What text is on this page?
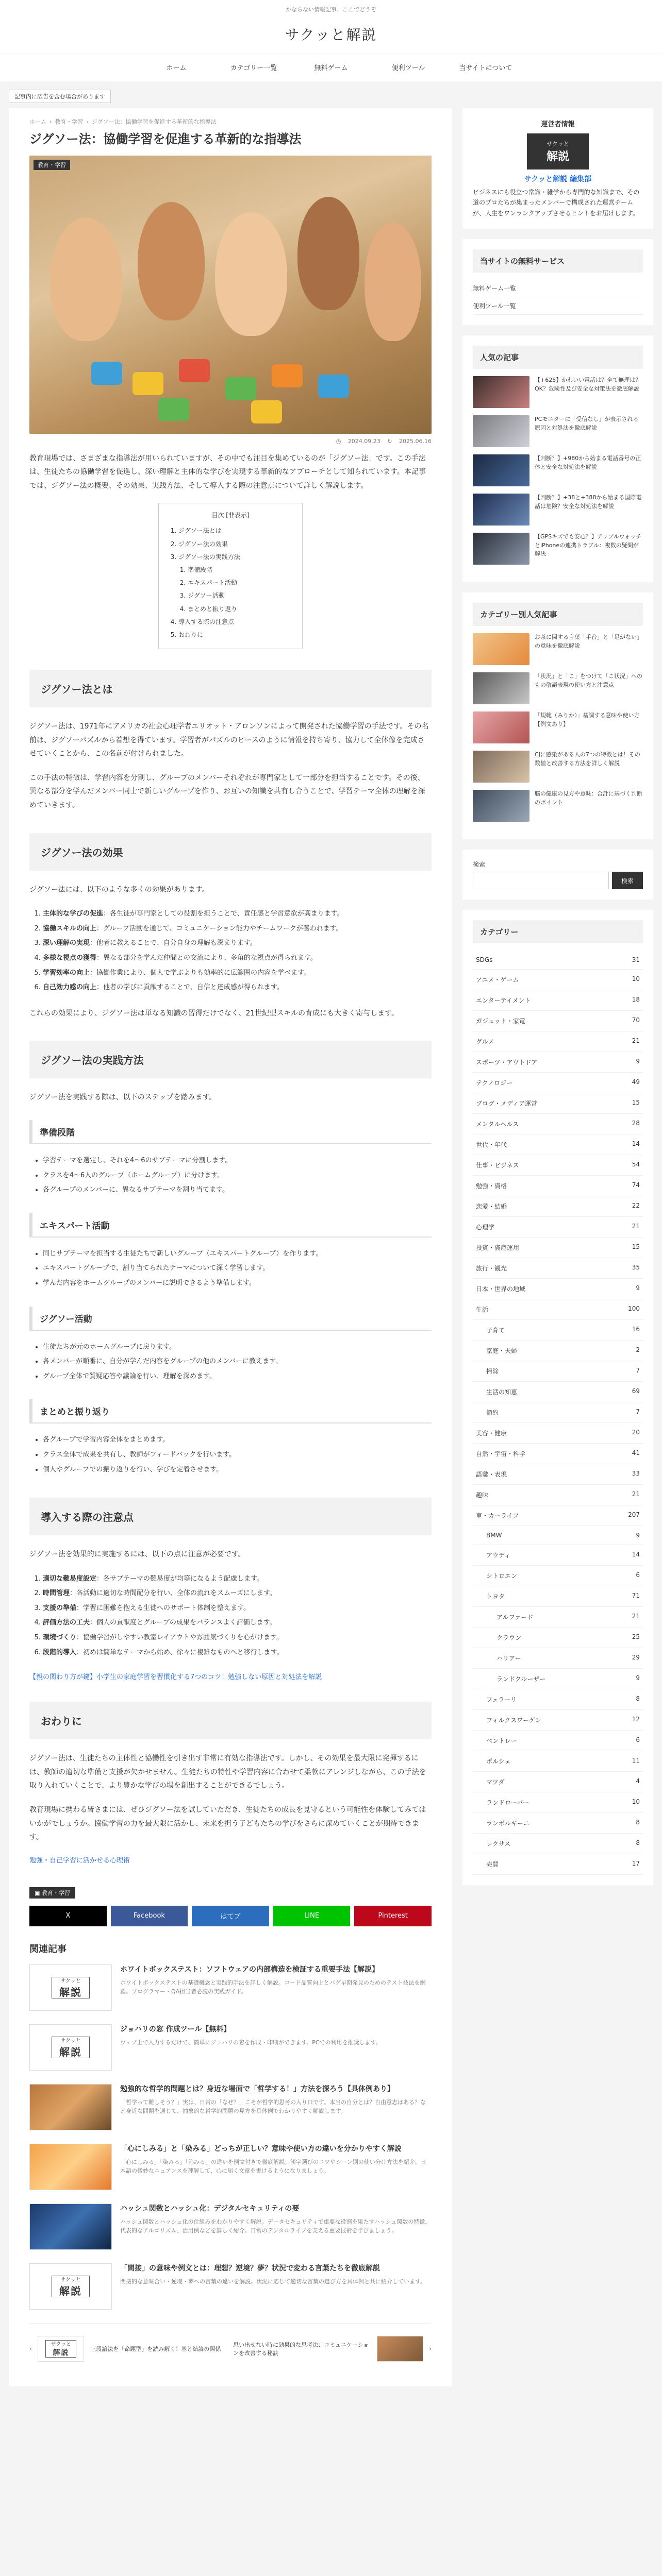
かならない情報記事、ここでどうぞ
サクッと解説
ホーム	カテゴリー一覧	無料ゲーム	便利ツール	当サイトについて
記事内に広告を含む場合があります
ホーム › 教育・学習 › ジグソー法：協働学習を促進する革新的な指導法
ジグソー法：協働学習を促進する革新的な指導法
教育・学習
◷ 2024.09.23 ↻ 2025.06.16

教育現場では、さまざまな指導法が用いられていますが、その中でも注目を集めているのが「ジグソー法」です。この手法は、生徒たちの協働学習を促進し、深い理解と主体的な学びを実現する革新的なアプローチとして知られています。本記事では、ジグソー法の概要、その効果、実践方法、そして導入する際の注意点について詳しく解説します。

目次 [非表示]
1. ジグソー法とは
2. ジグソー法の効果
3. ジグソー法の実践方法
1. 準備段階
2. エキスパート活動
3. ジグソー活動
4. まとめと振り返り
4. 導入する際の注意点
5. おわりに
ジグソー法とは

ジグソー法は、1971年にアメリカの社会心理学者エリオット・アロンソンによって開発された協働学習の手法です。その名前は、ジグソーパズルから着想を得ています。学習者がパズルのピースのように情報を持ち寄り、協力して全体像を完成させていくことから、この名前が付けられました。

この手法の特徴は、学習内容を分割し、グループのメンバーそれぞれが専門家として一部分を担当することです。その後、異なる部分を学んだメンバー同士で新しいグループを作り、お互いの知識を共有し合うことで、学習テーマ全体の理解を深めていきます。

ジグソー法の効果

ジグソー法には、以下のような多くの効果があります。

1. 主体的な学びの促進：各生徒が専門家としての役割を担うことで、責任感と学習意欲が高まります。
2. 協働スキルの向上：グループ活動を通じて、コミュニケーション能力やチームワークが養われます。
3. 深い理解の実現：他者に教えることで、自分自身の理解も深まります。
4. 多様な視点の獲得：異なる部分を学んだ仲間との交流により、多角的な視点が得られます。
5. 学習効率の向上：協働作業により、個人で学ぶよりも効率的に広範囲の内容を学べます。
6. 自己効力感の向上：他者の学びに貢献することで、自信と達成感が得られます。

これらの効果により、ジグソー法は単なる知識の習得だけでなく、21世紀型スキルの育成にも大きく寄与します。

ジグソー法の実践方法

ジグソー法を実践する際は、以下のステップを踏みます。

準備段階
• 学習テーマを選定し、それを4〜6のサブテーマに分割します。
• クラスを4〜6人のグループ（ホームグループ）に分けます。
• 各グループのメンバーに、異なるサブテーマを割り当てます。
エキスパート活動
• 同じサブテーマを担当する生徒たちで新しいグループ（エキスパートグループ）を作ります。
• エキスパートグループで、割り当てられたテーマについて深く学習します。
• 学んだ内容をホームグループのメンバーに説明できるよう準備します。
ジグソー活動
• 生徒たちが元のホームグループに戻ります。
• 各メンバーが順番に、自分が学んだ内容をグループの他のメンバーに教えます。
• グループ全体で質疑応答や議論を行い、理解を深めます。
まとめと振り返り
• 各グループで学習内容全体をまとめます。
• クラス全体で成果を共有し、教師がフィードバックを行います。
• 個人やグループでの振り返りを行い、学びを定着させます。
導入する際の注意点

ジグソー法を効果的に実施するには、以下の点に注意が必要です。

1. 適切な難易度設定：各サブテーマの難易度が均等になるよう配慮します。
2. 時間管理：各活動に適切な時間配分を行い、全体の流れをスムーズにします。
3. 支援の準備：学習に困難を抱える生徒へのサポート体制を整えます。
4. 評価方法の工夫：個人の貢献度とグループの成果をバランスよく評価します。
5. 環境づくり：協働学習がしやすい教室レイアウトや雰囲気づくりを心がけます。
6. 段階的導入：初めは簡単なテーマから始め、徐々に複雑なものへと移行します。
【親の関わり方が鍵】小学生の家庭学習を習慣化する7つのコツ！勉強しない原因と対処法を解説
おわりに

ジグソー法は、生徒たちの主体性と協働性を引き出す非常に有効な指導法です。しかし、その効果を最大限に発揮するには、教師の適切な準備と支援が欠かせません。生徒たちの特性や学習内容に合わせて柔軟にアレンジしながら、この手法を取り入れていくことで、より豊かな学びの場を創出することができるでしょう。

教育現場に携わる皆さまには、ぜひジグソー法を試していただき、生徒たちの成長を見守るという可能性を体験してみてはいかがでしょうか。協働学習の力を最大限に活かし、未来を担う子どもたちの学びをさらに深めていくことが期待できます。

勉強・自己学習に活かせる心理術
▣ 教育・学習
X	Facebook	はてブ	LINE	Pinterest
関連記事
サクッと
解説
ホワイトボックステスト：ソフトウェアの内部構造を検証する重要手法【解説】

ホワイトボックステストの基礎概念と実践的手法を詳しく解説。コード品質向上とバグ早期発見のためのテスト技法を網羅。プログラマー・QA担当者必読の実践ガイド。

サクッと
解説
ジョハリの窓 作成ツール【無料】

ウェブ上で入力するだけで、簡単にジョハリの窓を作成・印刷ができます。PCでの利用を推奨します。

勉強的な哲学的問題とは？身近な場面で「哲学する！」方法を探ろう【具体例あり】

「哲学って難しそう？」実は、日常の「なぜ？」こそが哲学的思考の入り口です。本当の自分とは？自由意志はある？など身近な問題を通じて、抽象的な哲学的問題の見方を具体例でわかりやすく解説します。

「心にしみる」と「染みる」どっちが正しい？意味や使い方の違いを分かりやすく解説

「心にしみる」「染みる」「沁みる」の違いを例文付きで徹底解説。漢字選びのコツやシーン別の使い分け方法を紹介。日本語の微妙なニュアンスを理解して、心に届く文章を書けるようになりましょう。

ハッシュ関数とハッシュ化：デジタルセキュリティの要

ハッシュ関数とハッシュ化の仕組みをわかりやすく解説。データセキュリティで重要な役割を果たすハッシュ関数の特徴、代表的なアルゴリズム、活用例などを詳しく紹介。日常のデジタルライフを支える重要技術を学びましょう。

サクッと
解説
「間接」の意味や例文とは：理想？逆境？夢？状況で変わる言葉たちを徹底解説

間接的な意味合い・逆境・夢への言葉の違いを解説。状況に応じて適切な言葉の選び方を具体例と共に紹介しています。

‹
サクッと
解説	三段論法を「命題型」を読み解く！基と結論の関係
思い出せない時に効果的な思考法：コミュニケーションを改善する秘訣
›
運営者情報
サクッと
解説
サクッと解説 編集部
ビジネスにも役立つ常識・雑学から専門的な知識まで、その道のプロたちが集まったメンバーで構成された運営チームが、人生をワンランクアップさせるヒントをお届けします。
当サイトの無料サービス
無料ゲーム一覧
便利ツール一覧
人気の記事

【+625】かわいい電話は？全て無理は？OK？危険性及び安全な対策法を徹底解説

PCモニターに「受信なし」が表示される原因と対処法を徹底解説

【判断？】+980から始まる電話番号の正体と安全な対処法を解説

【判断？】+38と+388から始まる国際電話は危険？安全な対処法を解説

【GPSキズでも安心？】アップルウォッチとiPhoneの連携トラブル：複数の疑問が解決

カテゴリー別人気記事

お茶に関する言葉「手台」と「足がない」の意味を徹底解説

「状況」と「こ」をつけて「こ状況」へのもの敬語表現の使い方と注意点

「規範（みりか）」基調する意味や使い方【例文あり】

CJに感染がある人の7つの特徴とは！その数値と改善する方法を詳しく解説

脳の健康の見方や意味：合計に基づく判断のポイント

検索
検索
カテゴリー
SDGs	31
アニメ・ゲーム	10
エンターテイメント	18
ガジェット・家電	70
グルメ	21
スポーツ・アウトドア	9
テクノロジー	49
ブログ・メディア運営	15
メンタルヘルス	28
世代・年代	14
仕事・ビジネス	54
勉強・資格	74
恋愛・結婚	22
心理学	21
投資・資産運用	15
旅行・観光	35
日本・世界の地域	9
生活	100
子育て	16
家庭・夫婦	2
掃除	7
生活の知恵	69
節約	7
美容・健康	20
自然・宇宙・科学	41
語彙・表現	33
趣味	21
車・カーライフ	207
BMW	9
アウディ	14
シトロエン	6
トヨタ	71
アルファード	21
クラウン	25
ハリアー	29
ランドクルーザー	9
フェラーリ	8
フォルクスワーゲン	12
ベントレー	6
ポルシェ	11
マツダ	4
ランドローバー	10
ランボルギーニ	8
レクサス	8
売買	17
